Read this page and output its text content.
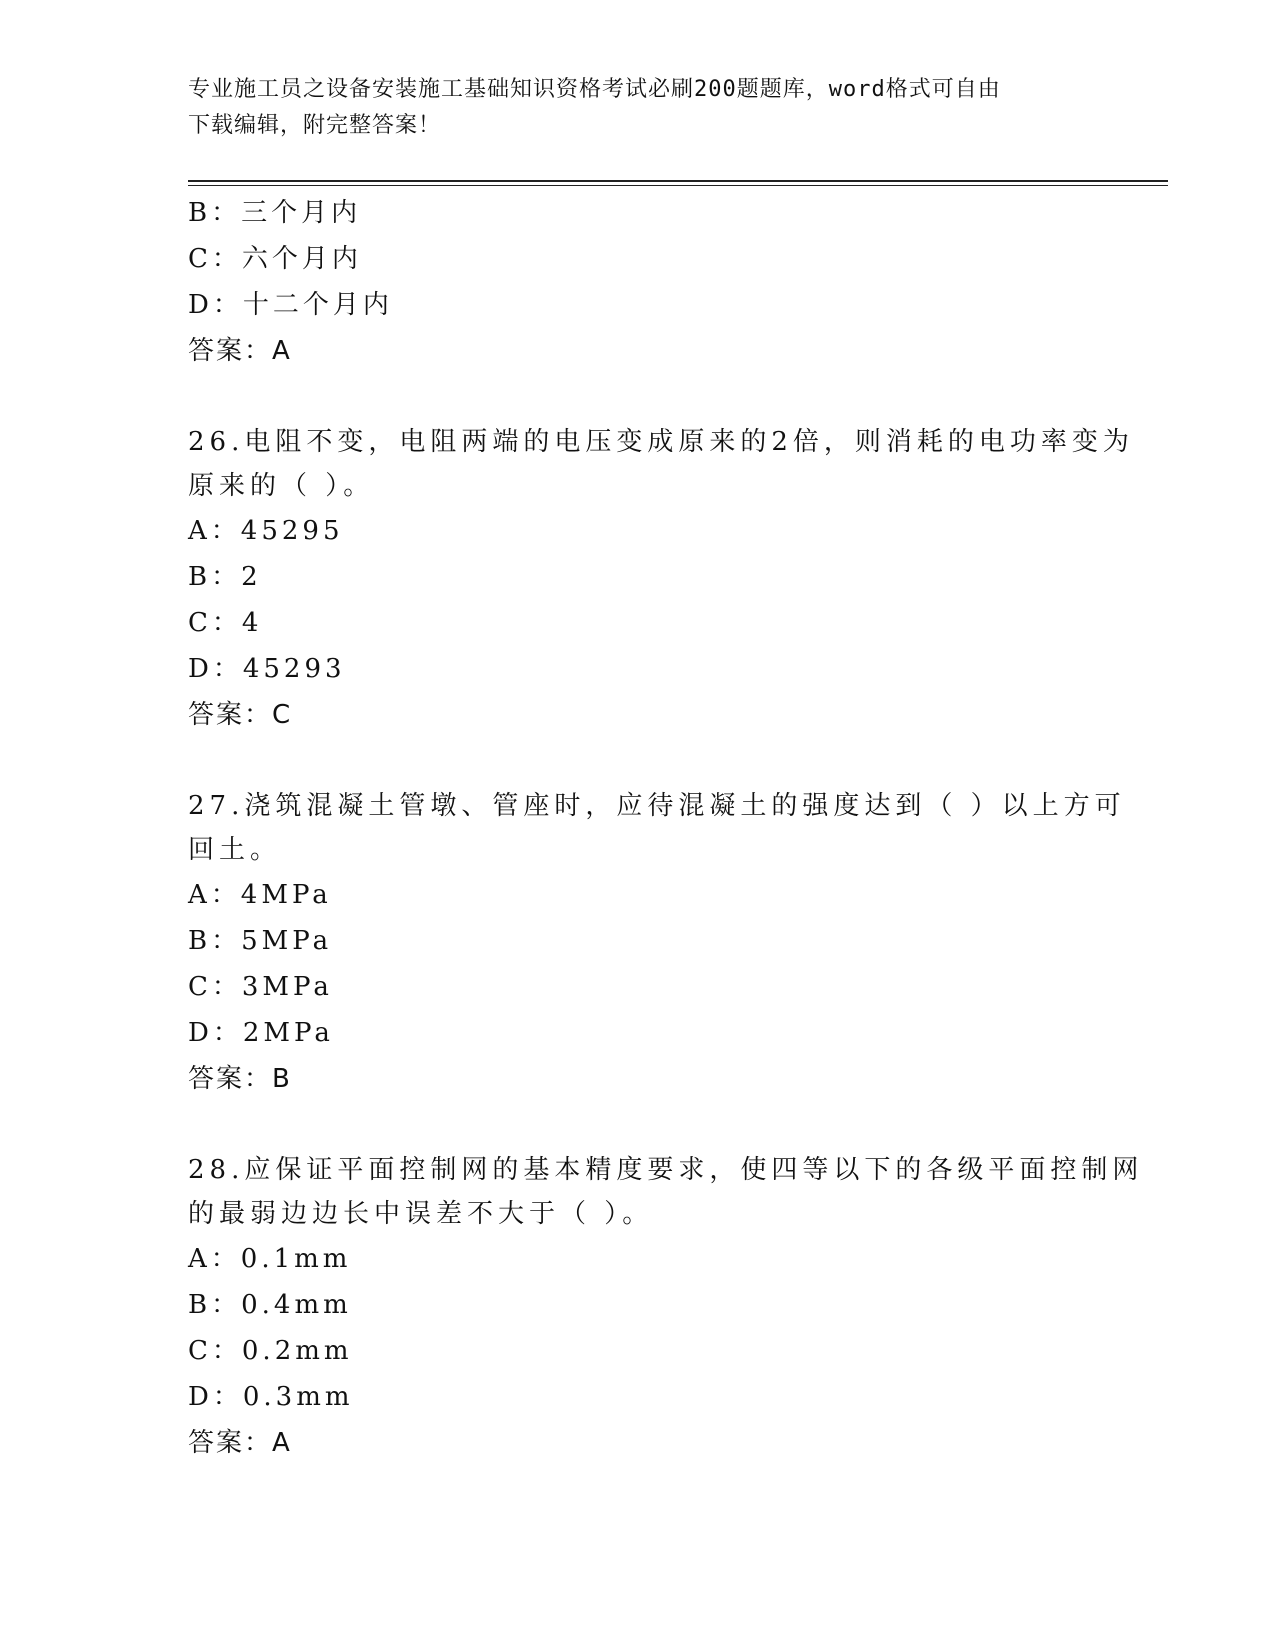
专业施工员之设备安装施工基础知识资格考试必刷200题题库，word格式可自由
下载编辑，附完整答案！
B：三个月内
C：六个月内
D：十二个月内
答案：A
26.电阻不变，电阻两端的电压变成原来的2倍，则消耗的电功率变为
原来的（ ）。
A：45295
B：2
C：4
D：45293
答案：C
27.浇筑混凝土管墩、管座时，应待混凝土的强度达到（ ）以上方可
回土。
A：4MPa
B：5MPa
C：3MPa
D：2MPa
答案：B
28.应保证平面控制网的基本精度要求，使四等以下的各级平面控制网
的最弱边边长中误差不大于（ ）。
A：0.1mm
B：0.4mm
C：0.2mm
D：0.3mm
答案：A
